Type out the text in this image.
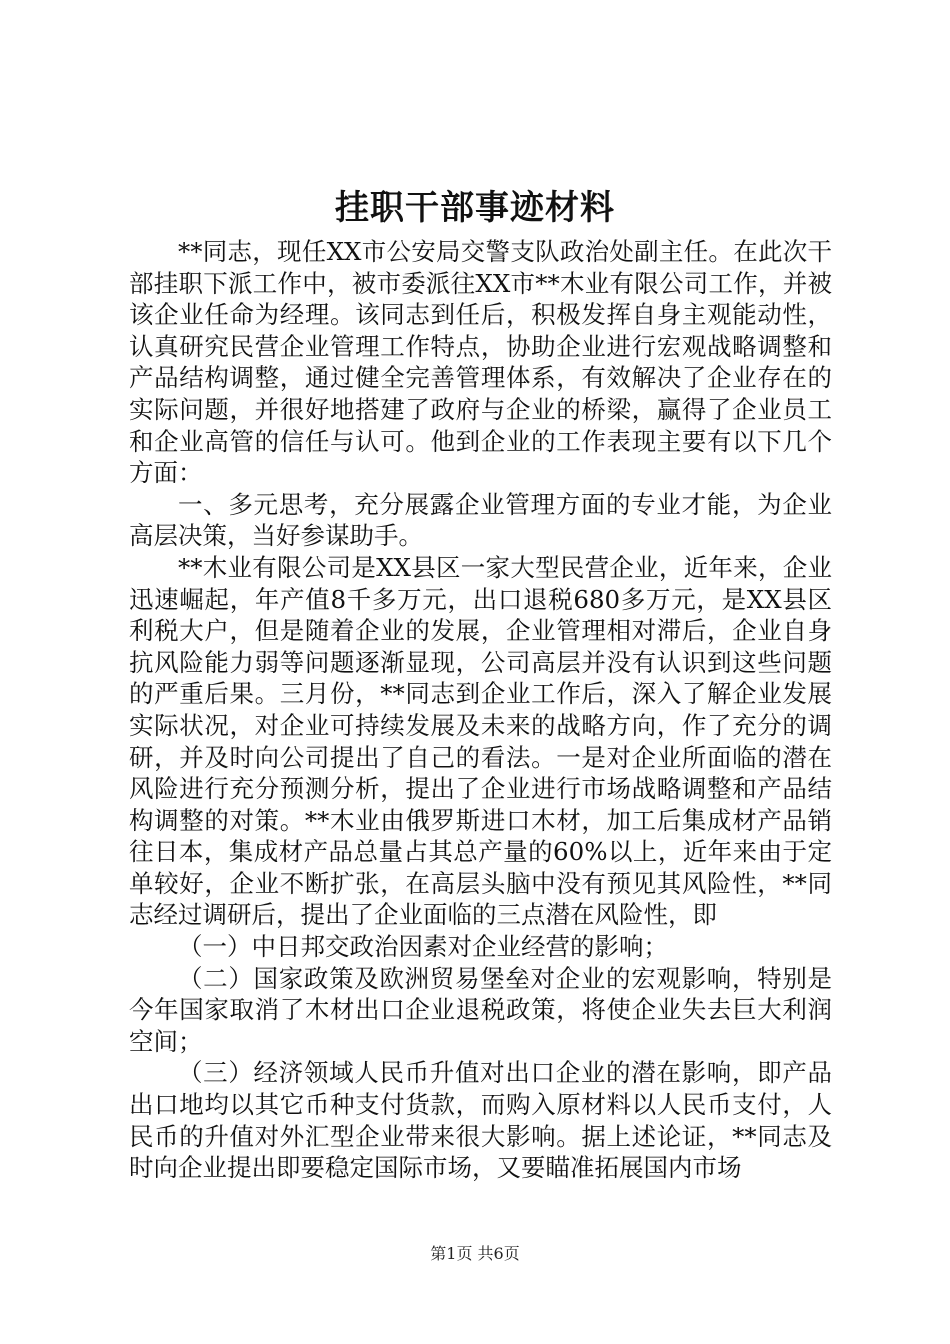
挂职干部事迹材料

**同志，现任XX市公安局交警支队政治处副主任。在此次干部挂职下派工作中，被市委派往XX市**木业有限公司工作，并被该企业任命为经理。该同志到任后，积极发挥自身主观能动性，认真研究民营企业管理工作特点，协助企业进行宏观战略调整和产品结构调整，通过健全完善管理体系，有效解决了企业存在的实际问题，并很好地搭建了政府与企业的桥梁，赢得了企业员工和企业高管的信任与认可。他到企业的工作表现主要有以下几个方面：

一、多元思考，充分展露企业管理方面的专业才能，为企业高层决策，当好参谋助手。

**木业有限公司是XX县区一家大型民营企业，近年来，企业迅速崛起，年产值8千多万元，出口退税680多万元，是XX县区利税大户，但是随着企业的发展，企业管理相对滞后，企业自身抗风险能力弱等问题逐渐显现，公司高层并没有认识到这些问题的严重后果。三月份，**同志到企业工作后，深入了解企业发展实际状况，对企业可持续发展及未来的战略方向，作了充分的调研，并及时向公司提出了自己的看法。一是对企业所面临的潜在风险进行充分预测分析，提出了企业进行市场战略调整和产品结构调整的对策。**木业由俄罗斯进口木材，加工后集成材产品销往日本，集成材产品总量占其总产量的60%以上，近年来由于定单较好，企业不断扩张，在高层头脑中没有预见其风险性，**同志经过调研后，提出了企业面临的三点潜在风险性，即

（一）中日邦交政治因素对企业经营的影响；

（二）国家政策及欧洲贸易堡垒对企业的宏观影响，特别是今年国家取消了木材出口企业退税政策，将使企业失去巨大利润空间；

（三）经济领域人民币升值对出口企业的潜在影响，即产品出口地均以其它币种支付货款，而购入原材料以人民币支付，人民币的升值对外汇型企业带来很大影响。据上述论证，**同志及时向企业提出即要稳定国际市场，又要瞄准拓展国内市场

第1页 共6页
